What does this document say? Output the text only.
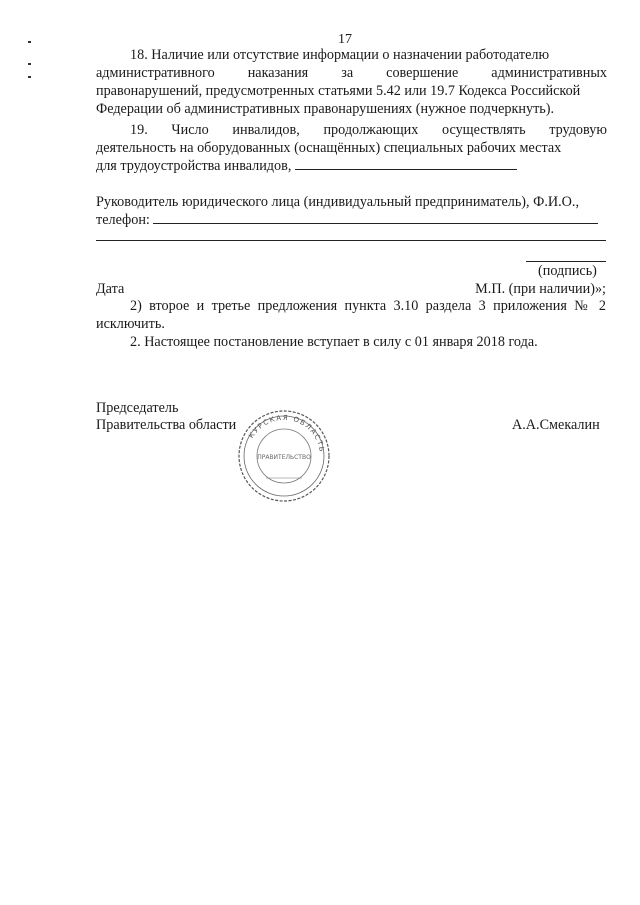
17
18. Наличие или отсутствие информации о назначении работодателю
административного наказания за совершение административных
правонарушений, предусмотренных статьями 5.42 или 19.7 Кодекса Российской
Федерации об административных правонарушениях (нужное подчеркнуть).
19. Число инвалидов, продолжающих осуществлять трудовую
деятельность на оборудованных (оснащённых) специальных рабочих местах
для трудоустройства инвалидов,
Руководитель юридического лица (индивидуальный предприниматель), Ф.И.О.,
телефон:
(подпись)
Дата	М.П. (при наличии)»;
2) второе и третье предложения пункта 3.10 раздела 3 приложения № 2
исключить.
2. Настоящее постановление вступает в силу с 01 января 2018 года.
Председатель
Правительства области	А.А.Смекалин
КУРСКАЯ ОБЛАСТЬ
ПРАВИТЕЛЬСТВО
